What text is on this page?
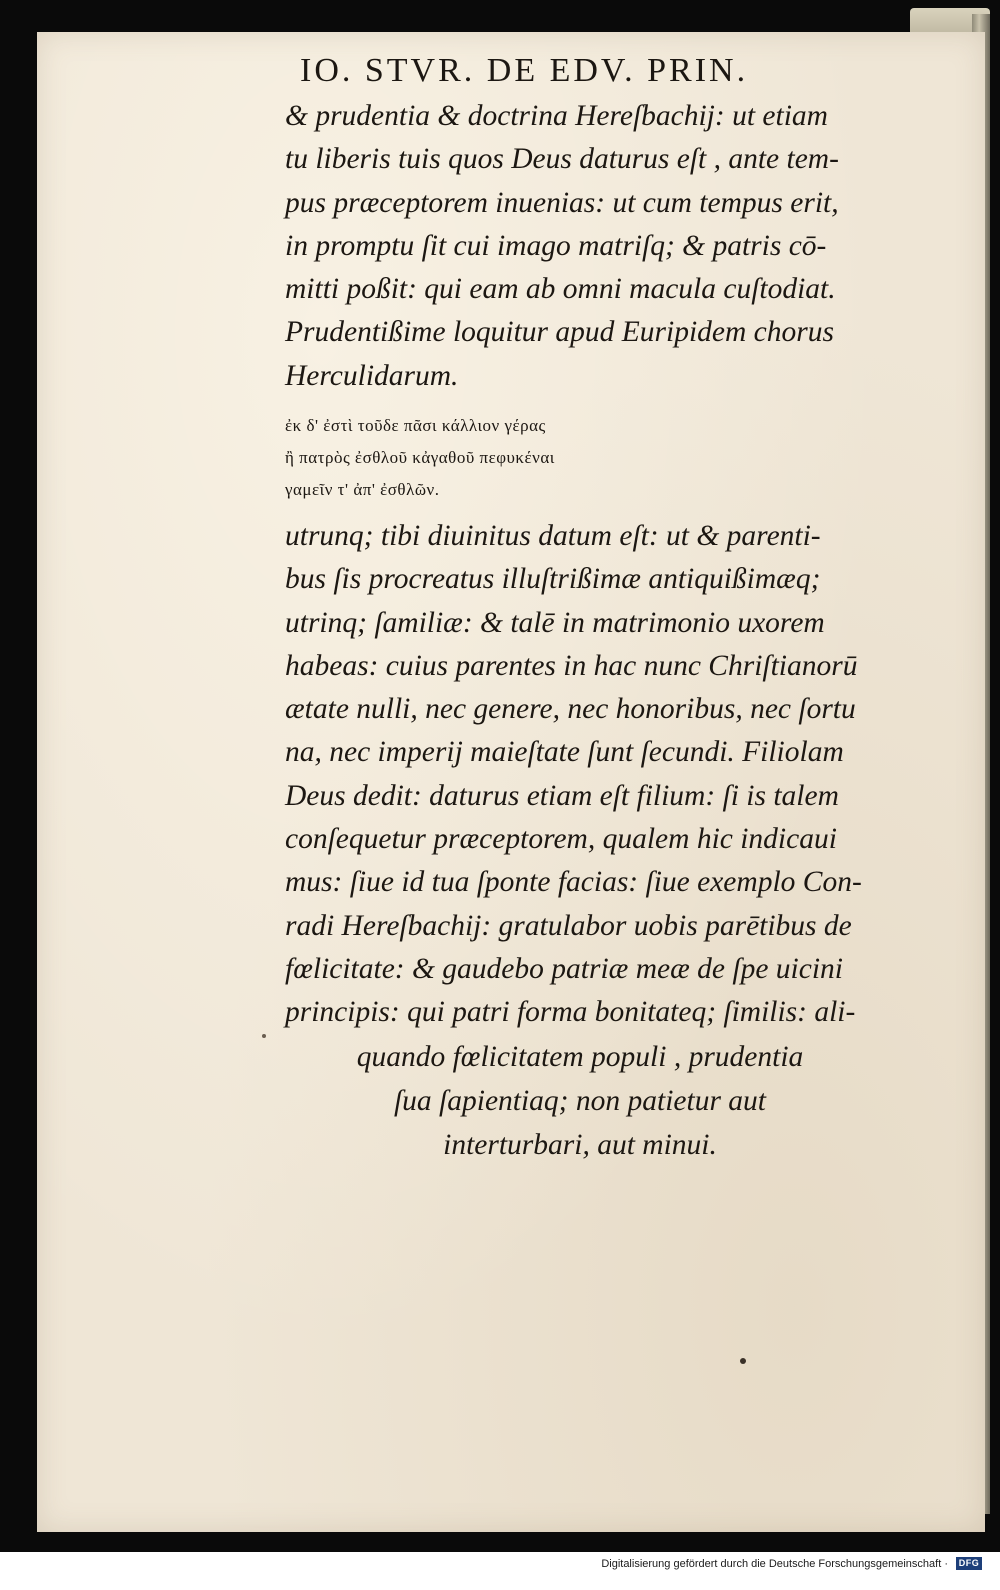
IO. STVR. DE EDV. PRIN.
& prudentia & doctrina Hereſbachij: ut etiam
tu liberis tuis quos Deus daturus eſt , ante tem-
pus præceptorem inuenias: ut cum tempus erit,
in promptu ſit cui imago matriſq; & patris cō-
mitti poßit: qui eam ab omni macula cuſtodiat.
Prudentißime loquitur apud Euripidem chorus
Herculidarum.
ἐκ δ' ἐστὶ τοῦδε πᾶσι κάλλιον γέρας
ἢ πατρὸς ἐσθλοῦ κἀγαθοῦ πεφυκέναι
γαμεῖν τ' ἀπ' ἐσθλῶν.
utrunq; tibi diuinitus datum eſt: ut & parenti-
bus ſis procreatus illuſtrißimæ antiquißimæq;
utrinq; ſamiliæ: & talē in matrimonio uxorem
habeas: cuius parentes in hac nunc Chriſtianorū
ætate nulli, nec genere, nec honoribus, nec ſortu
na, nec imperij maieſtate ſunt ſecundi. Filiolam
Deus dedit: daturus etiam eſt filium: ſi is talem
conſequetur præceptorem, qualem hic indicaui
mus: ſiue id tua ſponte facias: ſiue exemplo Con-
radi Hereſbachij: gratulabor uobis parētibus de
fœlicitate: & gaudebo patriæ meæ de ſpe uicini
principis: qui patri forma bonitateq; ſimilis: ali-
quando fœlicitatem populi , prudentia
ſua ſapientiaq; non patietur aut
interturbari, aut minui.
Digitalisierung gefördert durch die Deutsche Forschungsgemeinschaft ·	DFG
